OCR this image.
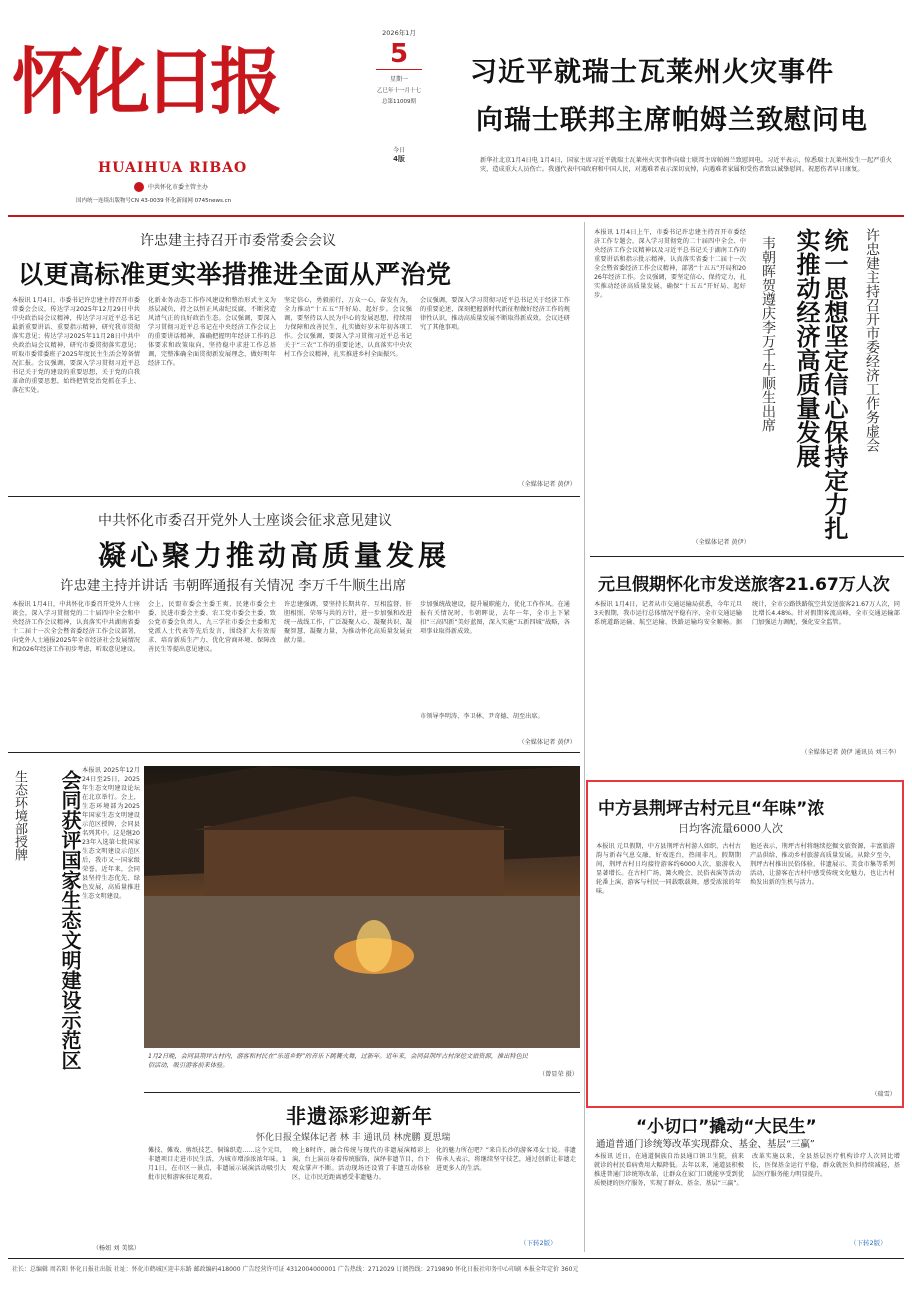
怀化日报
HUAIHUA RIBAO
中共怀化市委主管主办
国内统一连续出版物号CN 43-0039 怀化新闻网 0745news.cn
2026年1月
5
星期一
乙巳年十一月十七
总第11009期
今日
4版
习近平就瑞士瓦莱州火灾事件
向瑞士联邦主席帕姆兰致慰问电
新华社北京1月4日电 1月4日，国家主席习近平就瑞士瓦莱州火灾事件向瑞士联邦主席帕姆兰致慰问电。习近平表示，惊悉瑞士瓦莱州发生一起严重火灾，造成重大人员伤亡。我谨代表中国政府和中国人民，对遇难者表示深切哀悼，向遇难者家属和受伤者致以诚挚慰问。祝愿伤者早日康复。
许忠建主持召开市委常委会会议
以更高标准更实举措推进全面从严治党
本报讯 1月4日，市委书记许忠建主持召开市委常委会会议，传达学习2025年12月29日中共中央政治局会议精神，传达学习习近平总书记最新重要讲话、重要指示精神，研究我市贯彻落实意见；传达学习2025年11月28日中共中央政治局会议精神，研究市委贯彻落实意见；听取市委常委班子2025年度民主生活会筹备情况汇报。会议强调，要深入学习贯彻习近平总书记关于党的建设的重要思想，关于党的自我革命的重要思想，始终把管党治党抓在手上、落在实处。
化新业务动态工作作风建设和整治形式主义为基层减负，持之以恒正风肃纪反腐，不断营造风清气正的良好政治生态。会议强调，要深入学习贯彻习近平总书记在中央经济工作会议上的重要讲话精神，准确把握明年经济工作的总体要求和政策取向，坚持稳中求进工作总基调，完整准确全面贯彻新发展理念，做好明年经济工作。
坚定信心，勇毅前行，万众一心，奋发有为，全力推动“十五五”开好局、起好步。会议强调，要坚持以人民为中心的发展思想，持续用力保障和改善民生，扎实做好岁末年初各项工作。会议强调，要深入学习贯彻习近平总书记关于“三农”工作的重要论述，认真落实中央农村工作会议精神，扎实推进乡村全面振兴。
会议强调，要深入学习贯彻习近平总书记关于经济工作的重要论述，深刻把握新时代新征程做好经济工作的规律性认识，推动高质量发展不断取得新成效。会议还研究了其他事项。
（全媒体记者 黄伊）
中共怀化市委召开党外人士座谈会征求意见建议
凝心聚力推动高质量发展
许忠建主持并讲话 韦朝晖通报有关情况 李万千牛顺生出席
本报讯 1月4日，中共怀化市委召开党外人士座谈会，深入学习贯彻党的二十届四中全会和中央经济工作会议精神，认真落实中共湖南省委十二届十一次全会暨省委经济工作会议部署，向党外人士通报2025年全市经济社会发展情况和2026年经济工作初步考虑，听取意见建议。
会上，民盟市委会主委王爽、民建市委会主委、民进市委会主委、农工党市委会主委、致公党市委会负责人、九三学社市委会主委和无党派人士代表等先后发言，围绕扩大有效需求、培育新质生产力、优化营商环境、保障改善民生等提出意见建议。
许忠建强调，要坚持长期共存、互相监督、肝胆相照、荣辱与共的方针，进一步加强和改进统一战线工作，广泛凝聚人心、凝聚共识、凝聚智慧、凝聚力量，为推动怀化高质量发展贡献力量。
步加强统战建设，提升履职能力，优化工作作风。在通报有关情况时，韦朝晖说，去年一年，全市上下紧扣“三高四新”美好蓝图，深入实施“五新四城”战略，各项事业取得新成效。
市领导李明涛、李卫林、尹奇德、胡至出席。
（全媒体记者 黄伊）
本报讯 1月4日上午，市委书记许忠建主持召开市委经济工作专题会，深入学习贯彻党的二十届四中全会、中央经济工作会议精神以及习近平总书记关于湖南工作的重要讲话和指示批示精神，认真落实省委十二届十一次全会暨省委经济工作会议精神，部署“十五五”开局和2026年经济工作。会议强调，要坚定信心、保持定力，扎实推动经济高质量发展，确保“十五五”开好局、起好步。	统一思想坚定信心保持定力扎实推动经济高质量发展	许忠建主持召开市委经济工作务虚会
韦朝晖贺遵庆李万千牛顺生出席
（全媒体记者 黄伊）
元旦假期怀化市发送旅客21.67万人次
本报讯 1月4日，记者从市交通运输局获悉，今年元旦3天假期，我市运行总体情况平稳有序，全市交通运输系统道路运输、航空运输、铁路运输均安全顺畅。据统计，全市公路铁路航空共发送旅客21.67万人次，同比增长4.48%。针对假期客流高峰，全市交通运输部门加强运力调配，强化安全监管。
（全媒体记者 黄伊 通讯员 刘三李）
生态环境部授牌	会同获评国家生态文明建设示范区 本报讯 2025年12月24日至25日，2025年生态文明建设论坛在北京举行。会上，生态环境部为2025年国家生态文明建设示范区授牌，会同县名列其中。这是继2023年入选第七批国家生态文明建设示范区后，我市又一国家级荣誉。近年来，会同县坚持生态优先、绿色发展，高质量推进生态文明建设。
（杨妞 刘 美铭）
1月2日晚，会同县荆坪古村内，游客和村民在“乐道乡野”的音乐下跳篝火舞，过新年。近年来，会同县荆坪古村深挖文旅资源，推出特色民俗活动，吸引游客前来体验。
（曾显荣 摄）
中方县荆坪古村元旦“年味”浓
日均客流量6000人次
本报讯 元旦假期，中方县荆坪古村游人如织，古村古韵与新春气息交融，好戏连台，热闹非凡。假期期间，荆坪古村日均接待游客约6000人次，旅游收入显著增长。在古村广场，篝火晚会、民俗表演等活动轮番上演，游客与村民一同载歌载舞，感受浓浓的年味。
他还表示，荆坪古村将继续挖掘文旅资源，丰富旅游产品供给，推动乡村旅游高质量发展。从除夕至今，荆坪古村推出民俗体验、非遗展示、美食市集等系列活动，让游客在古村中感受传统文化魅力，也让古村焕发出新的生机与活力。
（瑞雪）
非遗添彩迎新年
怀化日报全媒体记者 林 丰 通讯员 林虎鹏 夏思瑞
傩技、傩戏、剪纸技艺、侗锦织造……这个元旦，非遗项目走进市民生活，为城市增添浓浓年味。1月1日，在市区一景点，非遗展示展演活动吸引大批市民和游客驻足观看。
晚上8时许，融合传统与现代的非遗展演精彩上演，台上演员身着传统服饰，演绎非遗节目，台下观众掌声不断。活动现场还设置了非遗互动体验区，让市民近距离感受非遗魅力。
化的魅力所在吧？”来自长沙的游客邓女士说。非遗传承人表示，将继续坚守技艺，通过创新让非遗走进更多人的生活。
（下转2版）
“小切口”撬动“大民生”
通道普通门诊统筹改革实现群众、基金、基层“三赢”
本报讯 近日，在通道侗族自治县通口镇卫生院，前来就诊的村民看病费用大幅降低。去年以来，通道县积极推进普通门诊统筹改革，让群众在家门口就能享受到优质便捷的医疗服务，实现了群众、基金、基层“三赢”。
改革实施以来，全县基层医疗机构诊疗人次同比增长，医保基金运行平稳，群众就医负担持续减轻，基层医疗服务能力明显提升。
（下转2版）
社长：总编辑 周若阳 怀化日报社出版 社址：怀化市鹤城区迎丰东路 邮政编码418000 广告经营许可证 4312004000001 广告热线：2712029 订阅热线：2719890 怀化日报社印务中心印刷 本报全年定价 360元
